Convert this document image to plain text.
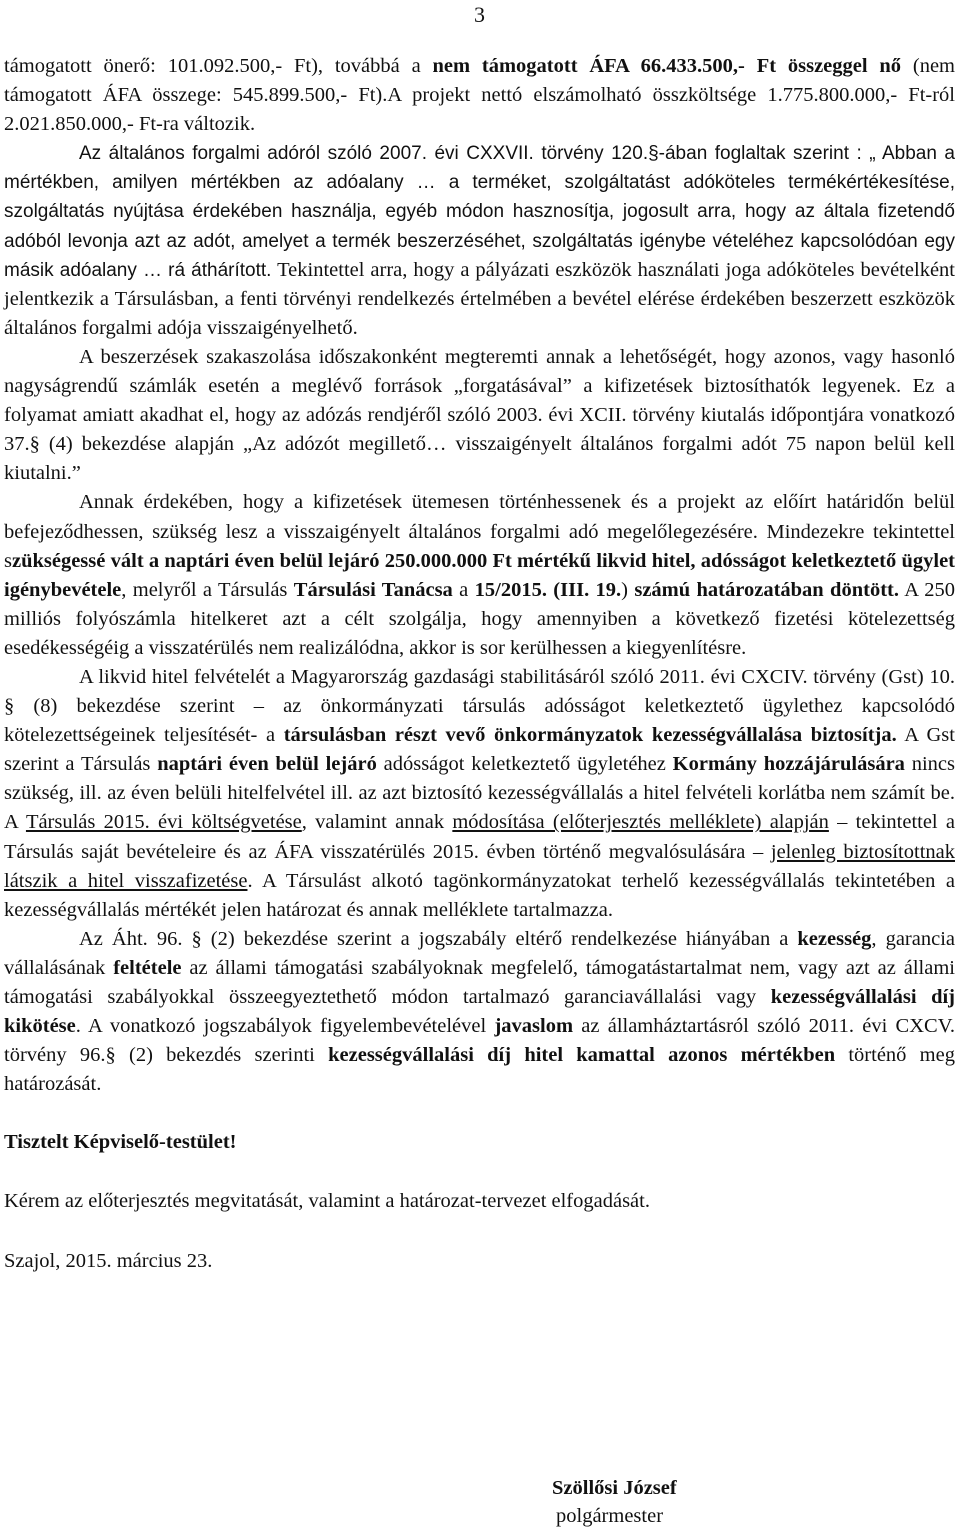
3

támogatott önerő: 101.092.500,- Ft), továbbá a nem támogatott ÁFA 66.433.500,- Ft összeggel nő (nem támogatott ÁFA összege: 545.899.500,- Ft).A projekt nettó elszámolható összköltsége 1.775.800.000,- Ft-ról 2.021.850.000,- Ft-ra változik.

Az általános forgalmi adóról szóló 2007. évi CXXVII. törvény 120.§-ában foglaltak szerint : „ Abban a mértékben, amilyen mértékben az adóalany … a terméket, szolgáltatást adóköteles termékértékesítése, szolgáltatás nyújtása érdekében használja, egyéb módon hasznosítja, jogosult arra, hogy az általa fizetendő adóból levonja azt az adót, amelyet a termék beszerzéséhet, szolgáltatás igénybe vételéhez kapcsolódóan egy másik adóalany … rá áthárított. Tekintettel arra, hogy a pályázati eszközök használati joga adóköteles bevételként jelentkezik a Társulásban, a fenti törvényi rendelkezés értelmében a bevétel elérése érdekében beszerzett eszközök általános forgalmi adója visszaigényelhető.

A beszerzések szakaszolása időszakonként megteremti annak a lehetőségét, hogy azonos, vagy hasonló nagyságrendű számlák esetén a meglévő források „forgatásával” a kifizetések biztosíthatók legyenek. Ez a folyamat amiatt akadhat el, hogy az adózás rendjéről szóló 2003. évi XCII. törvény kiutalás időpontjára vonatkozó 37.§ (4) bekezdése alapján „Az adózót megillető… visszaigényelt általános forgalmi adót 75 napon belül kell kiutalni.”

Annak érdekében, hogy a kifizetések ütemesen történhessenek és a projekt az előírt határidőn belül befejeződhessen, szükség lesz a visszaigényelt általános forgalmi adó megelőlegezésére. Mindezekre tekintettel szükségessé vált a naptári éven belül lejáró 250.000.000 Ft mértékű likvid hitel, adósságot keletkeztető ügylet igénybevétele, melyről a Társulás Társulási Tanácsa a 15/2015. (III. 19.) számú határozatában döntött. A 250 milliós folyószámla hitelkeret azt a célt szolgálja, hogy amennyiben a következő fizetési kötelezettség esedékességéig a visszatérülés nem realizálódna, akkor is sor kerülhessen a kiegyenlítésre.

A likvid hitel felvételét a Magyarország gazdasági stabilitásáról szóló 2011. évi CXCIV. törvény (Gst) 10. § (8) bekezdése szerint – az önkormányzati társulás adósságot keletkeztető ügylethez kapcsolódó kötelezettségeinek teljesítését- a társulásban részt vevő önkormányzatok kezességvállalása biztosítja. A Gst szerint a Társulás naptári éven belül lejáró adósságot keletkeztető ügyletéhez Kormány hozzájárulására nincs szükség, ill. az éven belüli hitelfelvétel ill. az azt biztosító kezességvállalás a hitel felvételi korlátba nem számít be. A Társulás 2015. évi költségvetése, valamint annak módosítása (előterjesztés melléklete) alapján – tekintettel a Társulás saját bevételeire és az ÁFA visszatérülés 2015. évben történő megvalósulására – jelenleg biztosítottnak látszik a hitel visszafizetése. A Társulást alkotó tagönkormányzatokat terhelő kezességvállalás tekintetében a kezességvállalás mértékét jelen határozat és annak melléklete tartalmazza.

Az Áht. 96. § (2) bekezdése szerint a jogszabály eltérő rendelkezése hiányában a kezesség, garancia vállalásának feltétele az állami támogatási szabályoknak megfelelő, támogatástartalmat nem, vagy azt az állami támogatási szabályokkal összeegyeztethető módon tartalmazó garanciavállalási vagy kezességvállalási díj kikötése. A vonatkozó jogszabályok figyelembevételével javaslom az államháztartásról szóló 2011. évi CXCV. törvény 96.§ (2) bekezdés szerinti kezességvállalási díj hitel kamattal azonos mértékben történő meg határozását.

Tisztelt Képviselő-testület!

Kérem az előterjesztés megvitatását, valamint a határozat-tervezet elfogadását.

Szajol, 2015. március 23.

Szöllősi József
polgármester
